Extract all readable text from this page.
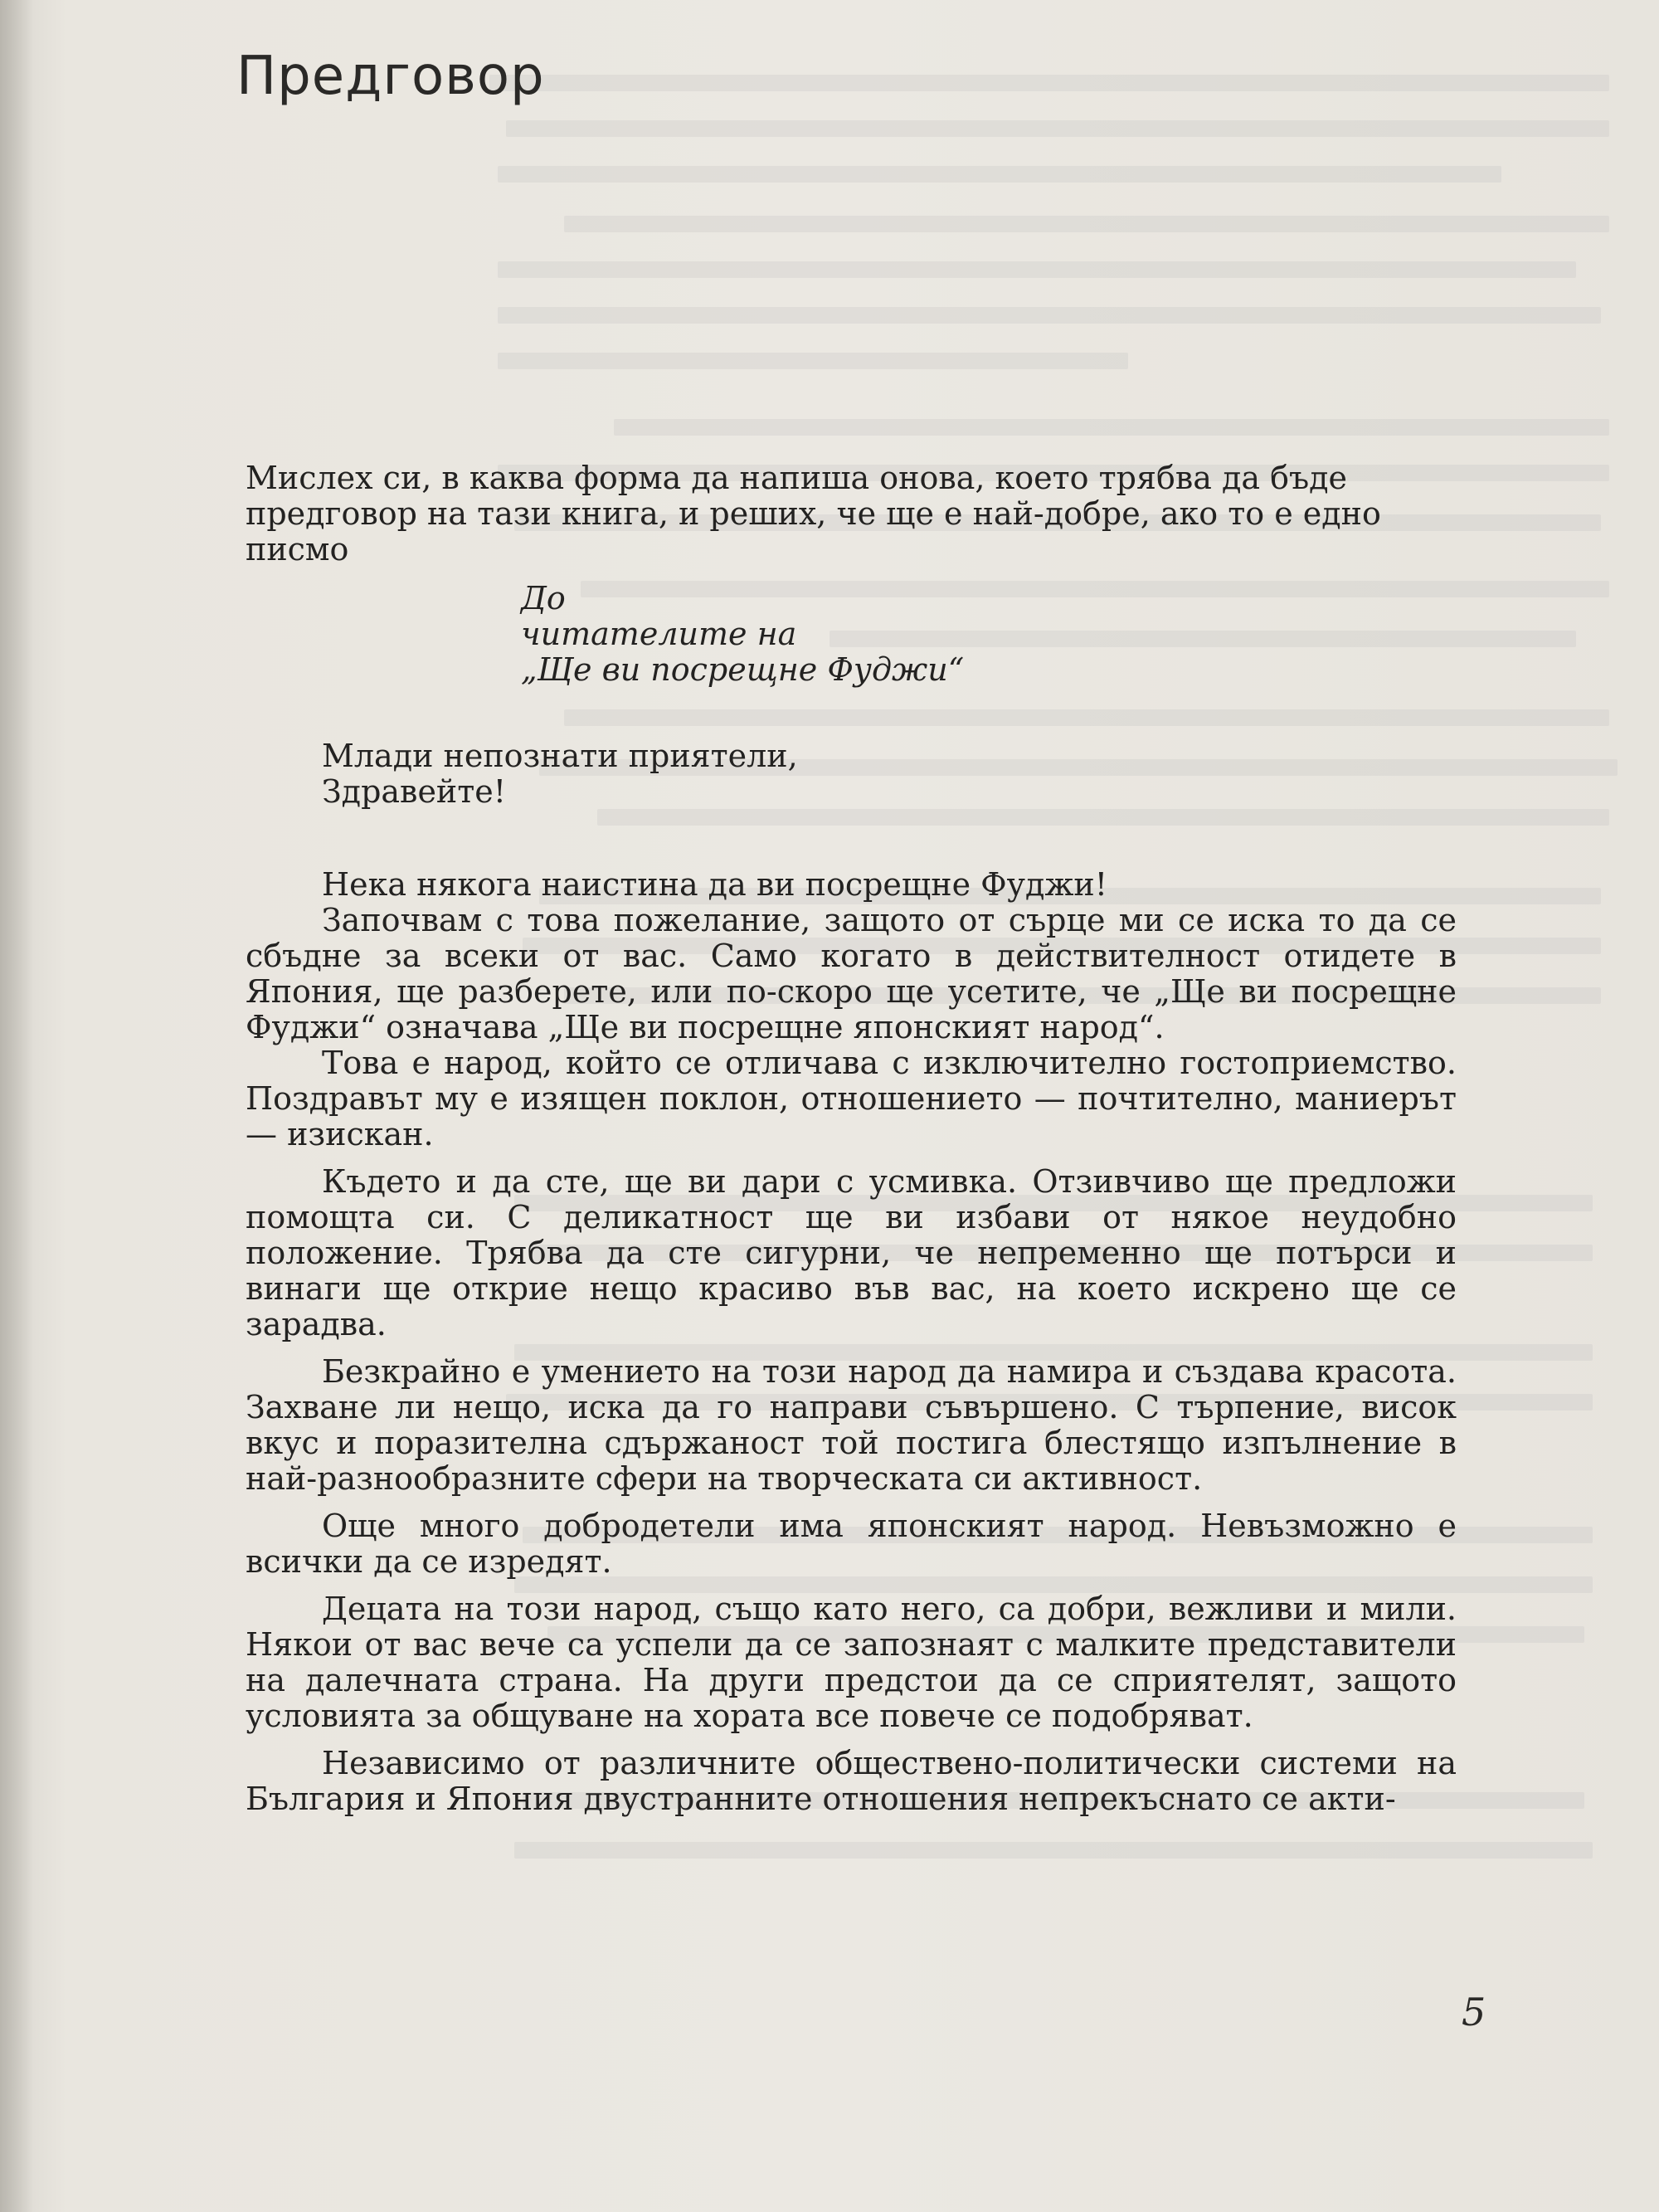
Предговор

Мислех си, в каква форма да напиша онова, което трябва да бъде предговор на тази книга, и реших, че ще е най-добре, ако то е едно писмо

До
читателите на
„Ще ви посрещне Фуджи“
Млади непознати приятели,
Здравейте!

Нека някога наистина да ви посрещне Фуджи!

Започвам с това пожелание, защото от сърце ми се иска то да се сбъдне за всеки от вас. Само когато в действителност отидете в Япония, ще разберете, или по-скоро ще усетите, че „Ще ви посрещне Фуджи“ означава „Ще ви посрещне японският народ“.

Това е народ, който се отличава с изключително гостоприемство. Поздравът му е изящен поклон, отношението — почтително, маниерът — изискан.

Където и да сте, ще ви дари с усмивка. Отзивчиво ще предложи помощта си. С деликатност ще ви избави от някое неудобно положение. Трябва да сте сигурни, че непременно ще потърси и винаги ще открие нещо красиво във вас, на което искрено ще се зарадва.

Безкрайно е умението на този народ да намира и създава красота. Захване ли нещо, иска да го направи съвършено. С търпение, висок вкус и поразителна сдържаност той постига блестящо изпълнение в най-разнообразните сфери на творческата си активност.

Още много добродетели има японският народ. Невъзможно е всички да се изредят.

Децата на този народ, също като него, са добри, вежливи и мили. Някои от вас вече са успели да се запознаят с малките представители на далечната страна. На други предстои да се сприятелят, защото условията за общуване на хората все повече се подобряват.

Независимо от различните обществено-политически системи на България и Япония двустранните отношения непрекъснато се акти-

5
